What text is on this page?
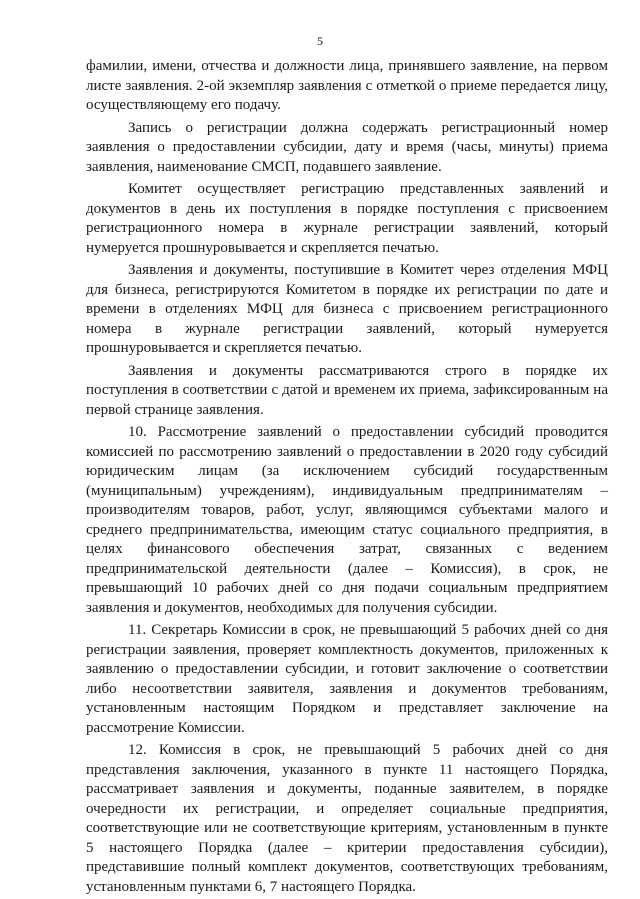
5

фамилии, имени, отчества и должности лица, принявшего заявление, на первом листе заявления. 2-ой экземпляр заявления с отметкой о приеме передается лицу, осуществляющему его подачу.

Запись о регистрации должна содержать регистрационный номер заявления о предоставлении субсидии, дату и время (часы, минуты) приема заявления, наименование СМСП, подавшего заявление.

Комитет осуществляет регистрацию представленных заявлений и документов в день их поступления в порядке поступления с присвоением регистрационного номера в журнале регистрации заявлений, который нумеруется прошнуровывается и скрепляется печатью.

Заявления и документы, поступившие в Комитет через отделения МФЦ для бизнеса, регистрируются Комитетом в порядке их регистрации по дате и времени в отделениях МФЦ для бизнеса с присвоением регистрационного номера в журнале регистрации заявлений, который нумеруется прошнуровывается и скрепляется печатью.

Заявления и документы рассматриваются строго в порядке их поступления в соответствии с датой и временем их приема, зафиксированным на первой странице заявления.

10. Рассмотрение заявлений о предоставлении субсидий проводится комиссией по рассмотрению заявлений о предоставлении в 2020 году субсидий юридическим лицам (за исключением субсидий государственным (муниципальным) учреждениям), индивидуальным предпринимателям – производителям товаров, работ, услуг, являющимся субъектами малого и среднего предпринимательства, имеющим статус социального предприятия, в целях финансового обеспечения затрат, связанных с ведением предпринимательской деятельности (далее – Комиссия), в срок, не превышающий 10 рабочих дней со дня подачи социальным предприятием заявления и документов, необходимых для получения субсидии.

11. Секретарь Комиссии в срок, не превышающий 5 рабочих дней со дня регистрации заявления, проверяет комплектность документов, приложенных к заявлению о предоставлении субсидии, и готовит заключение о соответствии либо несоответствии заявителя, заявления и документов требованиям, установленным настоящим Порядком и представляет заключение на рассмотрение Комиссии.

12. Комиссия в срок, не превышающий 5 рабочих дней со дня представления заключения, указанного в пункте 11 настоящего Порядка, рассматривает заявления и документы, поданные заявителем, в порядке очередности их регистрации, и определяет социальные предприятия, соответствующие или не соответствующие критериям, установленным в пункте 5 настоящего Порядка (далее – критерии предоставления субсидии), представившие полный комплект документов, соответствующих требованиям, установленным пунктами 6, 7 настоящего Порядка.
